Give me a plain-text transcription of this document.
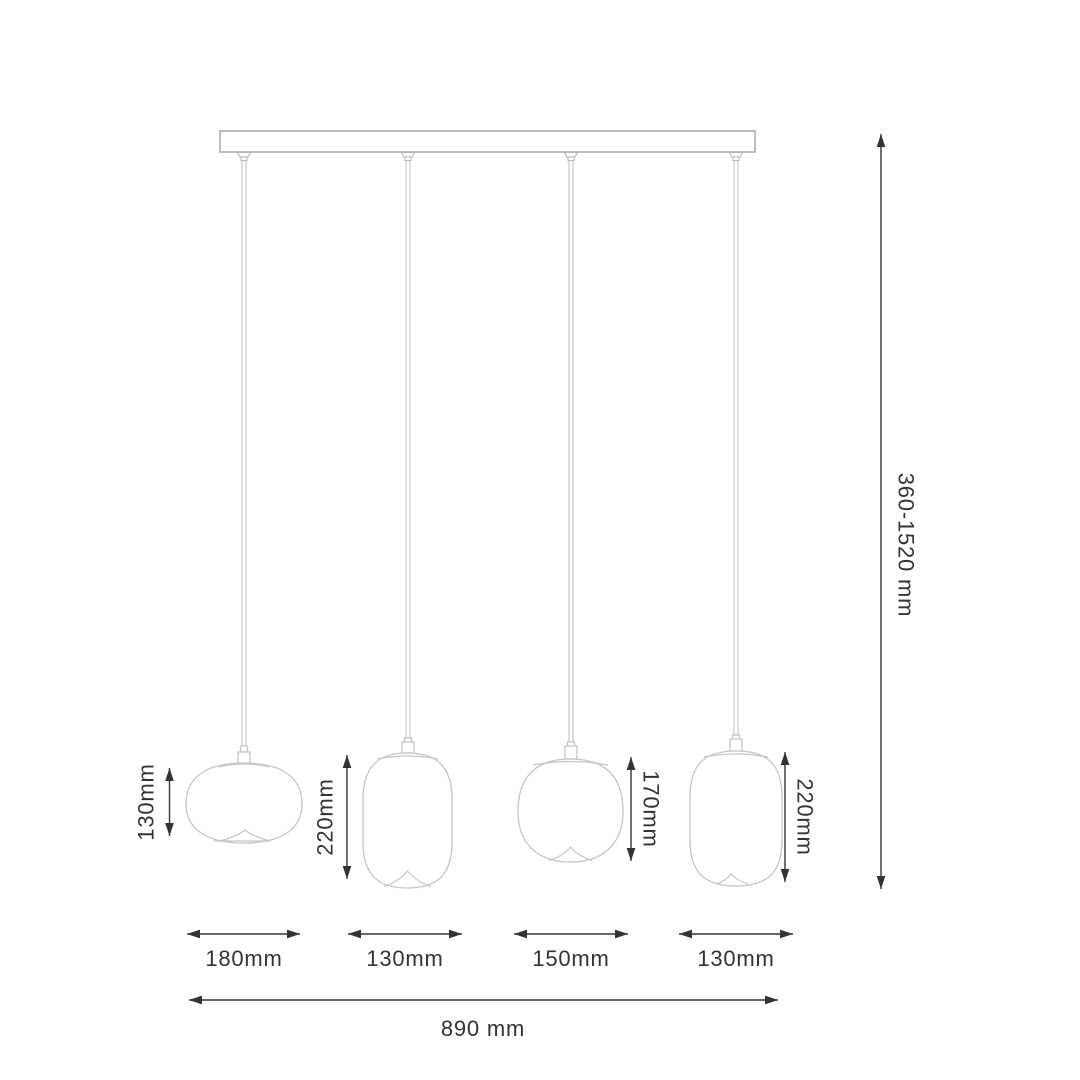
130mm	220mm	170mm	220mm
360-1520 mm
180mm	130mm	150mm	130mm
890 mm
